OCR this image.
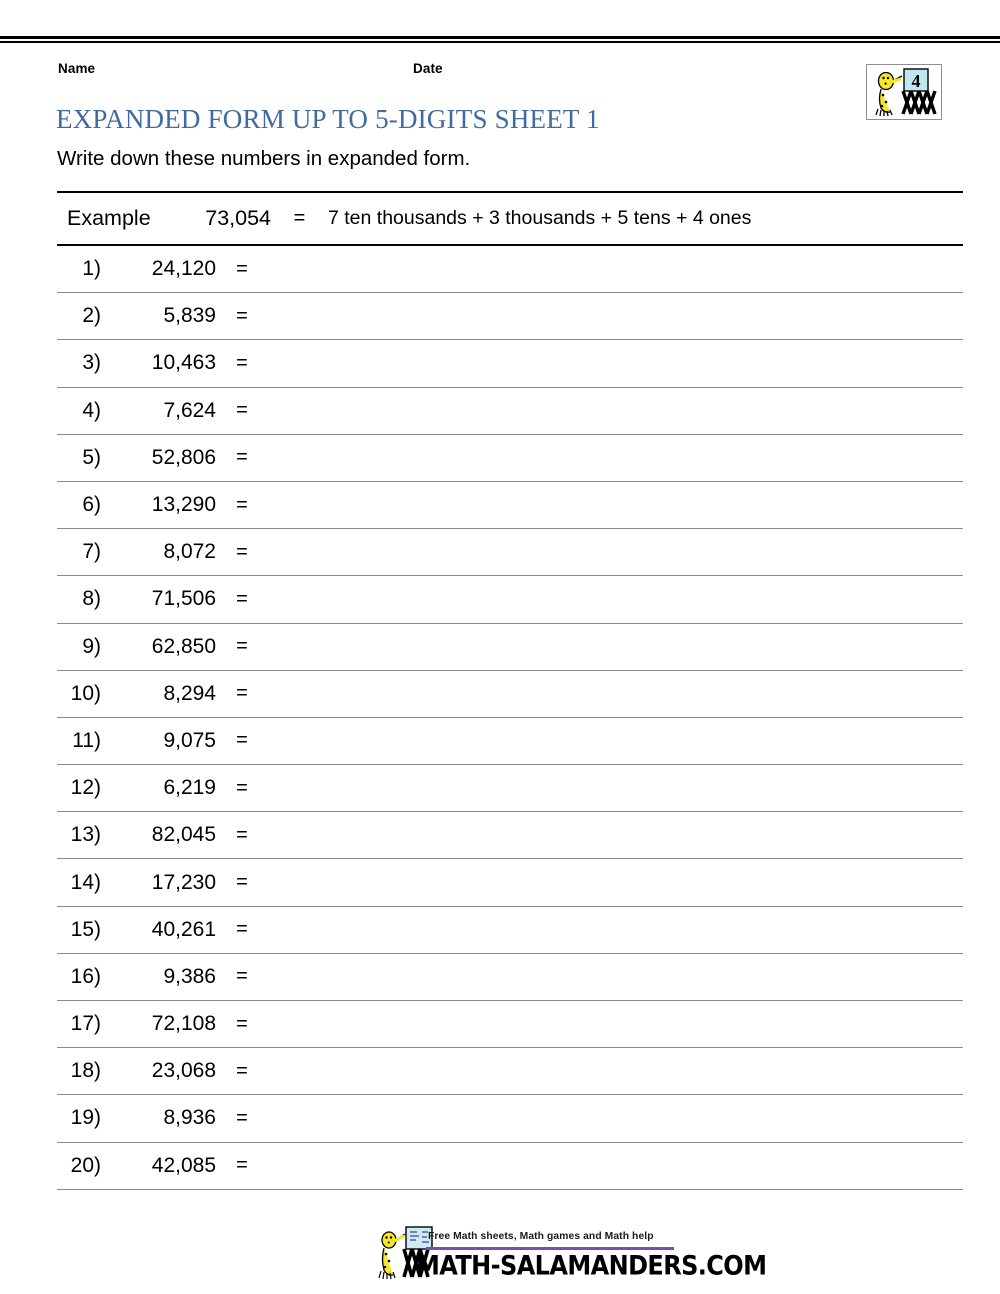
Name	Date
4
EXPANDED FORM UP TO 5-DIGITS SHEET 1
Write down these numbers in expanded form.
Example	73,054	=	7 ten thousands + 3 thousands + 5 tens + 4 ones
1)	24,120	=
2)	5,839	=
3)	10,463	=
4)	7,624	=
5)	52,806	=
6)	13,290	=
7)	8,072	=
8)	71,506	=
9)	62,850	=
10)	8,294	=
11)	9,075	=
12)	6,219	=
13)	82,045	=
14)	17,230	=
15)	40,261	=
16)	9,386	=
17)	72,108	=
18)	23,068	=
19)	8,936	=
20)	42,085	=
Free Math sheets, Math games and Math help
MATH-SALAMANDERS.COM
